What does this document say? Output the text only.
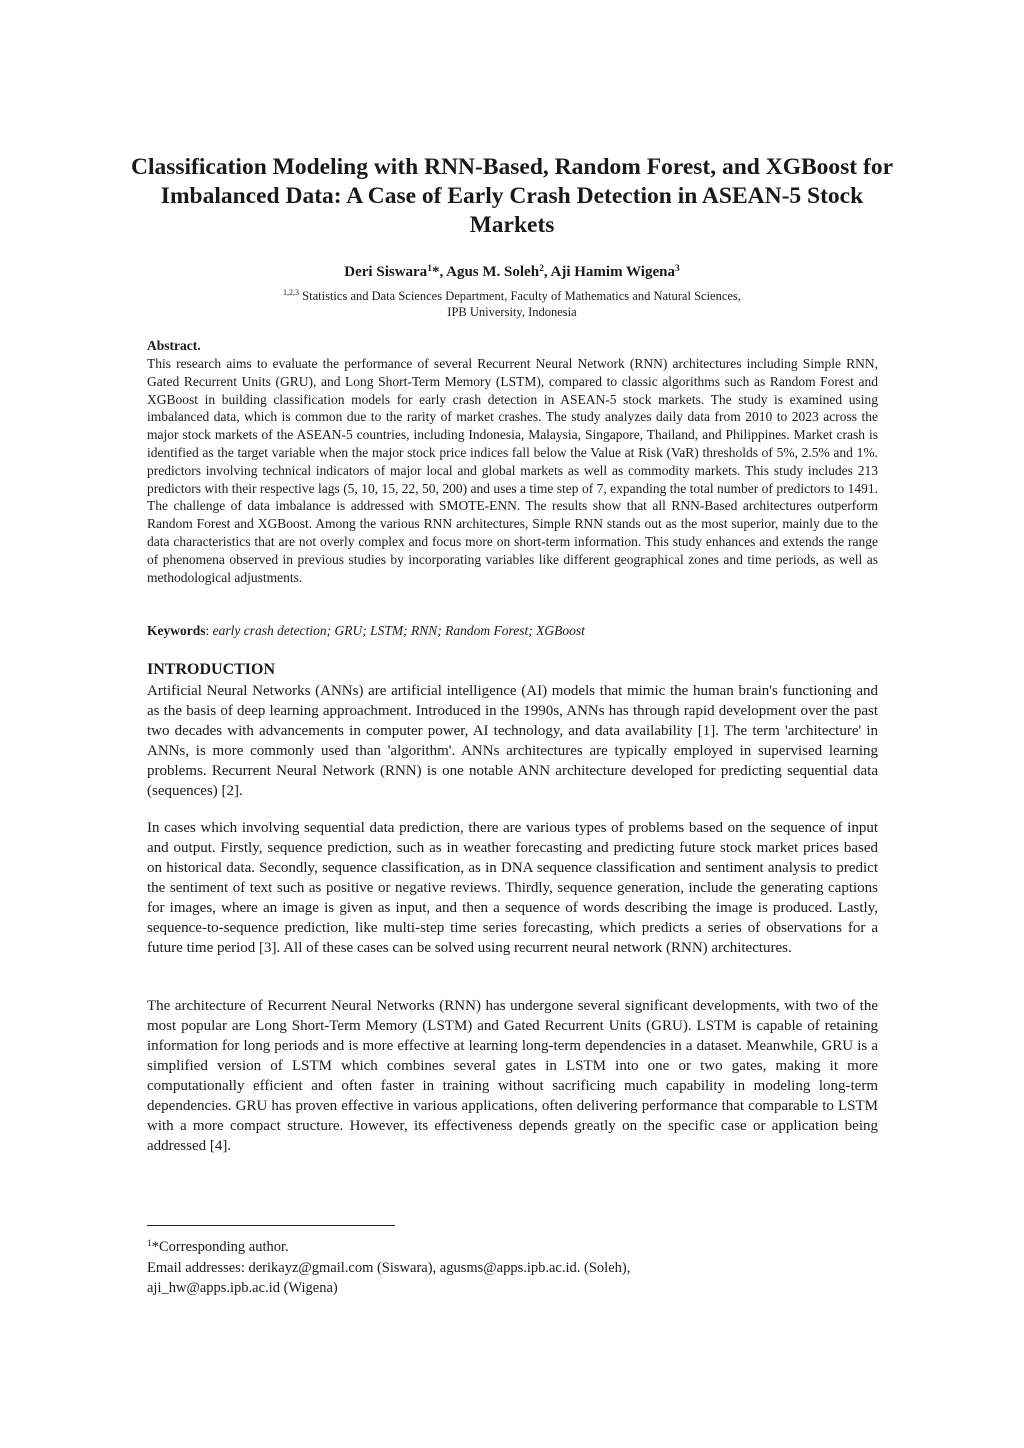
Classification Modeling with RNN-Based, Random Forest, and XGBoost for Imbalanced Data: A Case of Early Crash Detection in ASEAN-5 Stock Markets
Deri Siswara$^1$*, Agus M. Soleh$^2$, Aji Hamim Wigena$^3$
$^{1,2,3}$ Statistics and Data Sciences Department, Faculty of Mathematics and Natural Sciences,
IPB University, Indonesia
Abstract.
This research aims to evaluate the performance of several Recurrent Neural Network (RNN) architectures including Simple RNN, Gated Recurrent Units (GRU), and Long Short-Term Memory (LSTM), compared to classic algorithms such as Random Forest and XGBoost in building classification models for early crash detection in ASEAN-5 stock markets. The study is examined using imbalanced data, which is common due to the rarity of market crashes. The study analyzes daily data from 2010 to 2023 across the major stock markets of the ASEAN-5 countries, including Indonesia, Malaysia, Singapore, Thailand, and Philippines. Market crash is identified as the target variable when the major stock price indices fall below the Value at Risk (VaR) thresholds of 5%, 2.5% and 1%. predictors involving technical indicators of major local and global markets as well as commodity markets. This study includes 213 predictors with their respective lags (5, 10, 15, 22, 50, 200) and uses a time step of 7, expanding the total number of predictors to 1491. The challenge of data imbalance is addressed with SMOTE-ENN. The results show that all RNN-Based architectures outperform Random Forest and XGBoost. Among the various RNN architectures, Simple RNN stands out as the most superior, mainly due to the data characteristics that are not overly complex and focus more on short-term information. This study enhances and extends the range of phenomena observed in previous studies by incorporating variables like different geographical zones and time periods, as well as methodological adjustments.
Keywords: early crash detection; GRU; LSTM; RNN; Random Forest; XGBoost
INTRODUCTION
Artificial Neural Networks (ANNs) are artificial intelligence (AI) models that mimic the human brain's functioning and as the basis of deep learning approachment. Introduced in the 1990s, ANNs has through rapid development over the past two decades with advancements in computer power, AI technology, and data availability [1]. The term 'architecture' in ANNs, is more commonly used than 'algorithm'. ANNs architectures are typically employed in supervised learning problems. Recurrent Neural Network (RNN) is one notable ANN architecture developed for predicting sequential data (sequences) [2].
In cases which involving sequential data prediction, there are various types of problems based on the sequence of input and output. Firstly, sequence prediction, such as in weather forecasting and predicting future stock market prices based on historical data. Secondly, sequence classification, as in DNA sequence classification and sentiment analysis to predict the sentiment of text such as positive or negative reviews. Thirdly, sequence generation, include the generating captions for images, where an image is given as input, and then a sequence of words describing the image is produced. Lastly, sequence-to-sequence prediction, like multi-step time series forecasting, which predicts a series of observations for a future time period [3]. All of these cases can be solved using recurrent neural network (RNN) architectures.
The architecture of Recurrent Neural Networks (RNN) has undergone several significant developments, with two of the most popular are Long Short-Term Memory (LSTM) and Gated Recurrent Units (GRU). LSTM is capable of retaining information for long periods and is more effective at learning long-term dependencies in a dataset. Meanwhile, GRU is a simplified version of LSTM which combines several gates in LSTM into one or two gates, making it more computationally efficient and often faster in training without sacrificing much capability in modeling long-term dependencies. GRU has proven effective in various applications, often delivering performance that comparable to LSTM with a more compact structure. However, its effectiveness depends greatly on the specific case or application being addressed [4].
$^1$*Corresponding author.
Email addresses: derikayz@gmail.com (Siswara), agusms@apps.ipb.ac.id. (Soleh),
aji_hw@apps.ipb.ac.id (Wigena)
